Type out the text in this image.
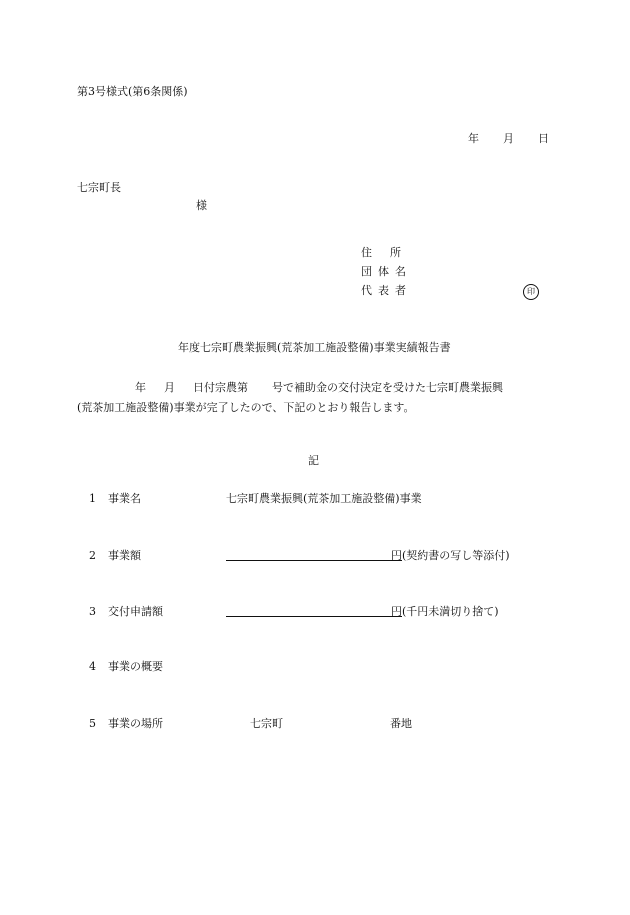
第3号様式(第6条関係)
年 月 日
七宗町長
様
住 所
団 体 名
代 表 者	印
年度七宗町農業振興(荒茶加工施設整備)事業実績報告書
年 月 日付宗農第 号で補助金の交付決定を受けた七宗町農業振興
(荒茶加工施設整備)事業が完了したので、下記のとおり報告します。
記
1 事業名	七宗町農業振興(荒茶加工施設整備)事業
2 事業額	円(契約書の写し等添付)
3 交付申請額	円(千円未満切り捨て)
4 事業の概要
5 事業の場所	七宗町	番地
